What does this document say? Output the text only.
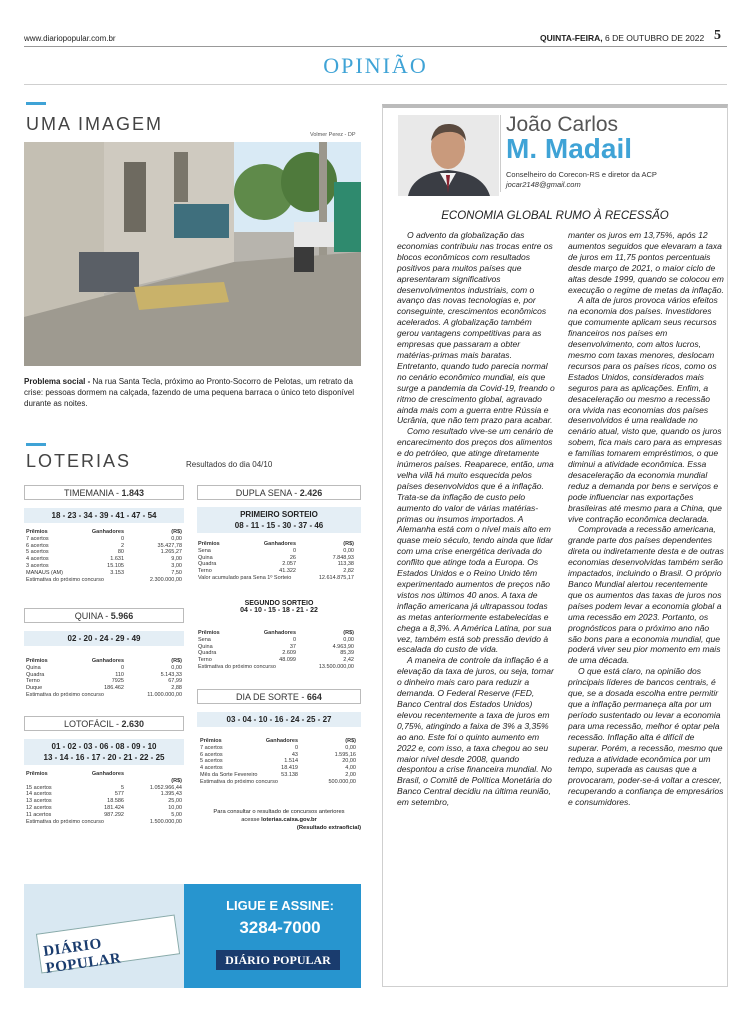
www.diariopopular.com.br	QUINTA-FEIRA, 6 DE OUTUBRO DE 2022 5
OPINIÃO
UMA IMAGEM
Volmer Perez - DP
Problema social - Na rua Santa Tecla, próximo ao Pronto-Socorro de Pelotas, um retrato da crise: pessoas dormem na calçada, fazendo de uma pequena barraca o único teto disponível durante as noites.
LOTERIAS	Resultados do dia 04/10
TIMEMANIA - 1.843
18 - 23 - 34 - 39 - 41 - 47 - 54
Prêmios	Ganhadores	(R$)
7 acertos	0	0,00
6 acertos	2	35.427,78
5 acertos	80	1.265,27
4 acertos	1.631	9,00
3 acertos	15.105	3,00
MANAUS (AM)	3.153	7,50
Estimativa do próximo concurso	2.300.000,00
QUINA - 5.966
02 - 20 - 24 - 29 - 49
Prêmios	Ganhadores	(R$)
Quina	0	0,00
Quadra	110	5.143,33
Terno	7925	67,99
Duque	186.462	2,88
Estimativa do próximo concurso	11.000.000,00
LOTOFÁCIL - 2.630
01 - 02 - 03 - 06 - 08 - 09 - 10
13 - 14 - 16 - 17 - 20 - 21 - 22 - 25
Prêmios	Ganhadores
(R$)
15 acertos	5	1.052.966,44
14 acertos	577	1.395,43
13 acertos	18.586	25,00
12 acertos	181.424	10,00
11 acertos	987.292	5,00
Estimativa do próximo concurso	1.500.000,00
DUPLA SENA - 2.426
PRIMEIRO SORTEIO
08 - 11 - 15 - 30 - 37 - 46
Prêmios	Ganhadores	(R$)
Sena	0	0,00
Quina	26	7.848,93
Quadra	2.057	113,38
Terno	41.322	2,82
Valor acumulado para Sena 1º Sorteio	12.614.875,17
SEGUNDO SORTEIO
04 - 10 - 15 - 18 - 21 - 22
Prêmios	Ganhadores	(R$)
Sena	0	0,00
Quina	37	4.963,90
Quadra	2.609	85,39
Terno	48.099	2,42
Estimativa do próximo concurso	13.500.000,00
DIA DE SORTE - 664
03 - 04 - 10 - 16 - 24 - 25 - 27
Prêmios	Ganhadores	(R$)
7 acertos	0	0,00
6 acertos	43	1.595,16
5 acertos	1.514	20,00
4 acertos	18.419	4,00
Mês da Sorte Fevereiro	53.138	2,00
Estimativa do próximo concurso	500.000,00
Para consultar o resultado de concursos anteriores
acesse loterias.caixa.gov.br
(Resultado extraoficial)
DIÁRIO POPULAR
LIGUE E ASSINE:
3284-7000
DIÁRIO POPULAR
João Carlos
M. Madail
Conselheiro do Corecon-RS e diretor da ACP
jocar2148@gmail.com
ECONOMIA GLOBAL RUMO À RECESSÃO

O advento da globalização das economias contribuiu nas trocas entre os blocos econômicos com resultados positivos para muitos países que apresentaram significativos desenvolvimentos industriais, com o avanço das novas tecnologias e, por conseguinte, crescimentos econômicos acelerados. A globalização também gerou vantagens competitivas para as empresas que passaram a obter matérias-primas mais baratas. Entretanto, quando tudo parecia normal no cenário econômico mundial, eis que surge a pandemia da Covid-19, freando o ritmo de crescimento global, agravado ainda mais com a guerra entre Rússia e Ucrânia, que não tem prazo para acabar.

Como resultado vive-se um cenário de encarecimento dos preços dos alimentos e do petróleo, que atinge diretamente inúmeros países. Reaparece, então, uma velha vilã há muito esquecida pelos países desenvolvidos que é a inflação. Trata-se da inflação de custo pelo aumento do valor de várias matérias-primas ou insumos importados. A Alemanha está com o nível mais alto em quase meio século, tendo ainda que lidar com uma crise energética derivada do conflito que atinge toda a Europa. Os Estados Unidos e o Reino Unido têm experimentado aumentos de preços não vistos nos últimos 40 anos. A taxa de inflação americana já ultrapassou todas as metas anteriormente estabelecidas e chega a 8,3%. A América Latina, por sua vez, também está sob pressão devido à escalada do custo de vida.

A maneira de controle da inflação é a elevação da taxa de juros, ou seja, tornar o dinheiro mais caro para reduzir a demanda. O Federal Reserve (FED, Banco Central dos Estados Unidos) elevou recentemente a taxa de juros em 0,75%, atingindo a faixa de 3% a 3,35% ao ano. Este foi o quinto aumento em 2022 e, com isso, a taxa chegou ao seu maior nível desde 2008, quando despontou a crise financeira mundial. No Brasil, o Comitê de Política Monetária do Banco Central decidiu na última reunião, em setembro,

manter os juros em 13,75%, após 12 aumentos seguidos que elevaram a taxa de juros em 11,75 pontos percentuais desde março de 2021, o maior ciclo de altas desde 1999, quando se colocou em execução o regime de metas da inflação.

A alta de juros provoca vários efeitos na economia dos países. Investidores que comumente aplicam seus recursos financeiros nos países em desenvolvimento, com altos lucros, mesmo com taxas menores, deslocam recursos para os países ricos, como os Estados Unidos, considerados mais seguros para as aplicações. Enfim, a desaceleração ou mesmo a recessão ora vivida nas economias dos países desenvolvidos é uma realidade no cenário atual, visto que, quando os juros sobem, fica mais caro para as empresas e famílias tomarem empréstimos, o que diminui a atividade econômica. Essa desaceleração da economia mundial reduz a demanda por bens e serviços e pode influenciar nas exportações brasileiras até mesmo para a China, que vive contração econômica declarada.

Comprovada a recessão americana, grande parte dos países dependentes direta ou indiretamente desta e de outras economias desenvolvidas também serão impactados, incluindo o Brasil. O próprio Banco Mundial alertou recentemente que os aumentos das taxas de juros nos países podem levar a economia global a uma recessão em 2023. Portanto, os prognósticos para o próximo ano não são bons para a economia mundial, que poderá viver seu pior momento em mais de uma década.

O que está claro, na opinião dos principais líderes de bancos centrais, é que, se a dosada escolha entre permitir que a inflação permaneça alta por um período sustentado ou levar a economia para uma recessão, melhor é optar pela recessão. Inflação alta é difícil de superar. Porém, a recessão, mesmo que reduza a atividade econômica por um tempo, superada as causas que a provocaram, poder-se-á voltar a crescer, recuperando a confiança de empresários e consumidores.
